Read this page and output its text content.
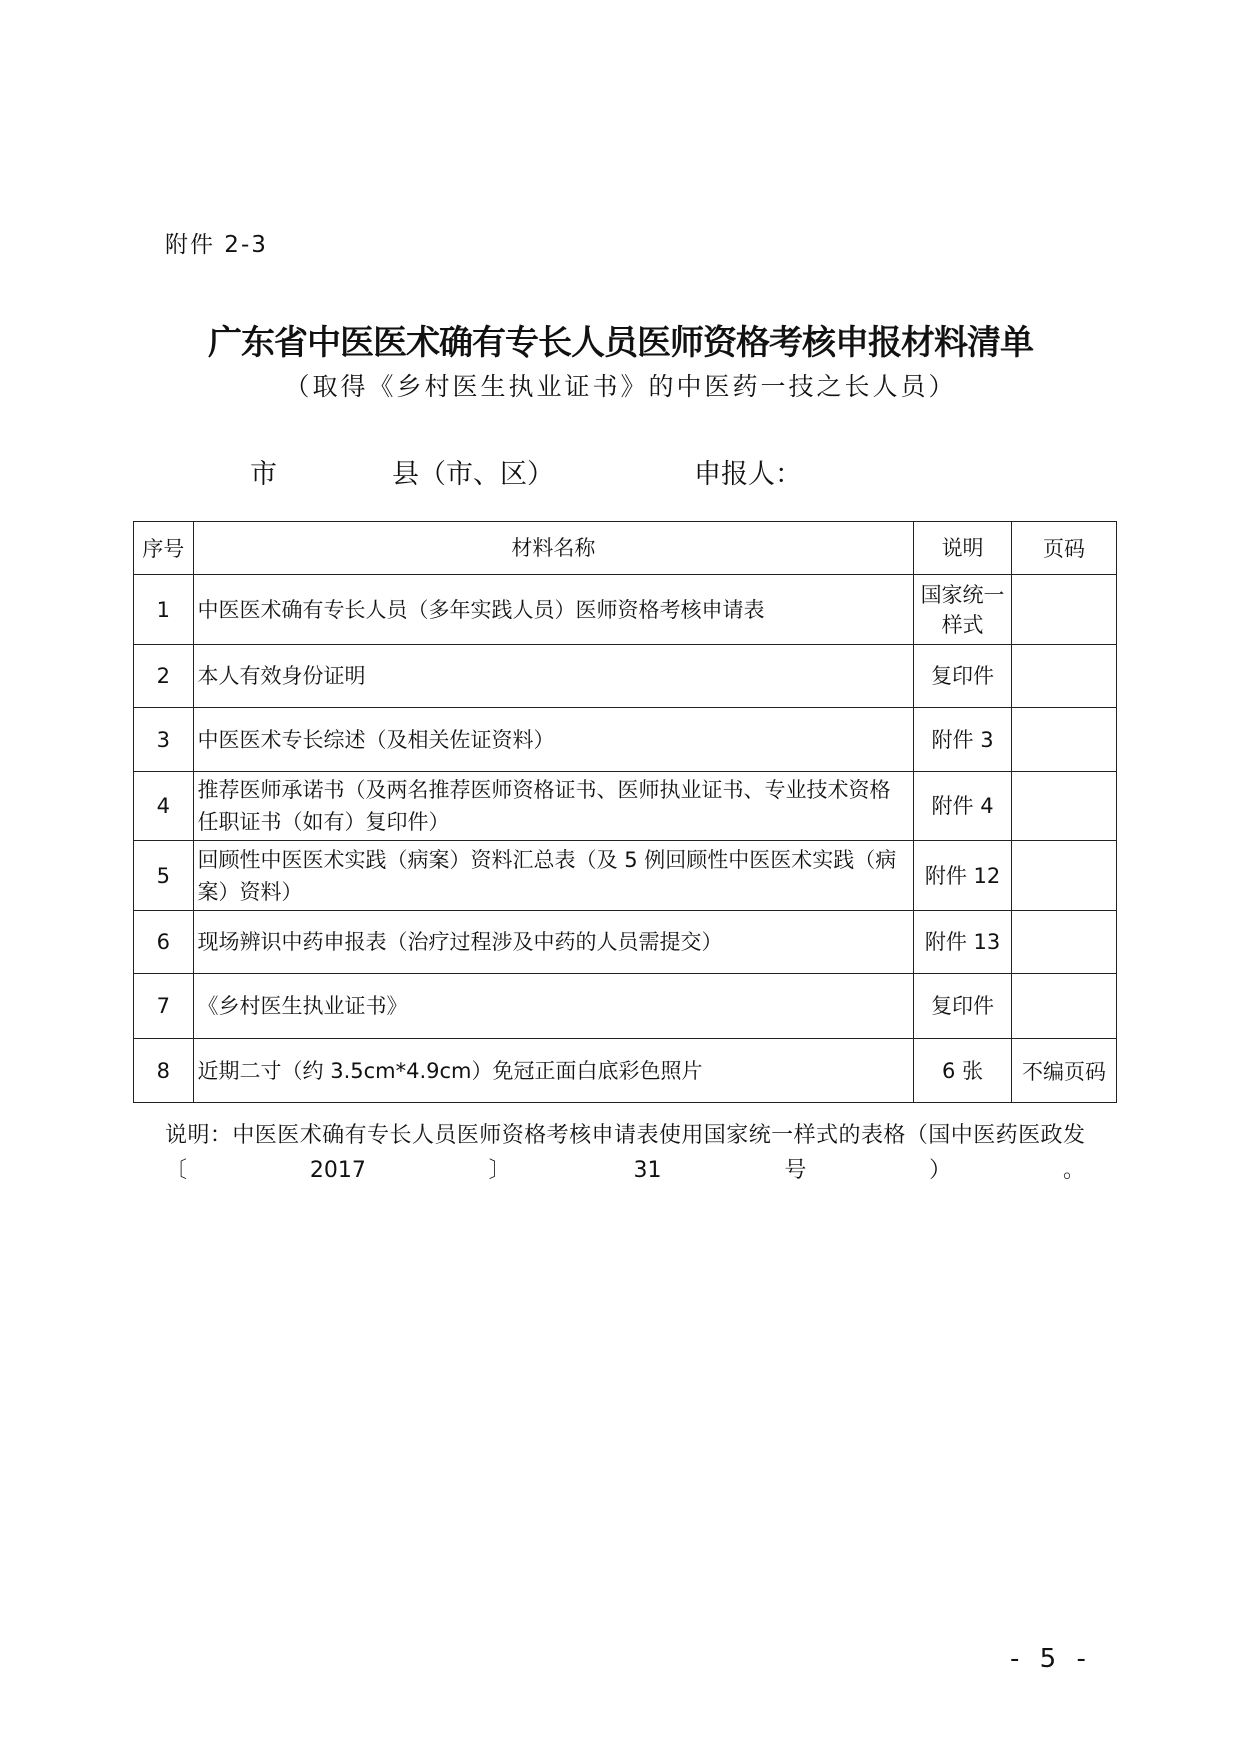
附件 2-3
广东省中医医术确有专长人员医师资格考核申报材料清单
（取得《乡村医生执业证书》的中医药一技之长人员）
市	县（市、区）	申报人：
序号	材料名称	说明	页码
1	中医医术确有专长人员（多年实践人员）医师资格考核申请表	国家统一样式	
2	本人有效身份证明	复印件	
3	中医医术专长综述（及相关佐证资料）	附件 3	
4	推荐医师承诺书（及两名推荐医师资格证书、医师执业证书、专业技术资格任职证书（如有）复印件）	附件 4	
5	回顾性中医医术实践（病案）资料汇总表（及 5 例回顾性中医医术实践（病案）资料）	附件 12	
6	现场辨识中药申报表（治疗过程涉及中药的人员需提交）	附件 13	
7	《乡村医生执业证书》	复印件	
8	近期二寸（约 3.5cm*4.9cm）免冠正面白底彩色照片	6 张	不编页码
说明：中医医术确有专长人员医师资格考核申请表使用国家统一样式的表格（国中医药医政发〔2017〕31号）。
- 5 -
